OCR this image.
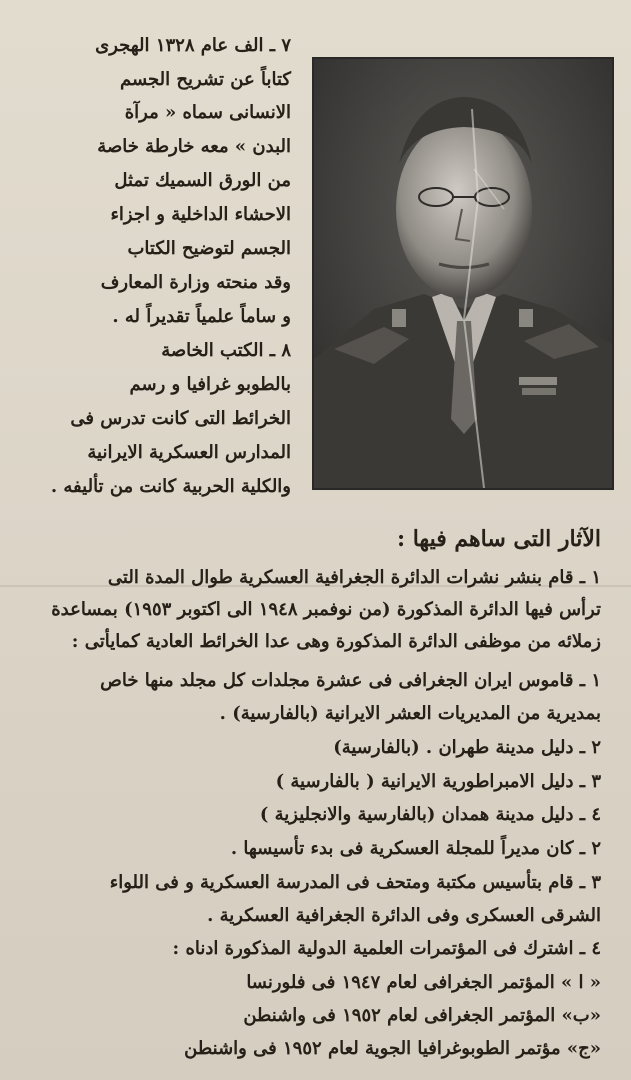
٧ ـ الف عام ١٣٢٨ الهجرى

كتاباً عن تشريح الجسم

الانسانى سماه « مرآة

البدن » معه خارطة خاصة

من الورق السميك تمثل

الاحشاء الداخلية و اجزاء

الجسم لتوضيح الكتاب

وقد منحته وزارة المعارف

و ساماً علمياً تقديراً له .

٨ ـ الكتب الخاصة

بالطوبو غرافيا و رسم

الخرائط التى كانت تدرس فى

المدارس العسكرية الايرانية

والكلية الحربية كانت من تأليفه .

الآثار التى ساهم فيها :

١ ـ قام بنشر نشرات الدائرة الجغرافية العسكرية طوال المدة التى

ترأس فيها الدائرة المذكورة (من نوفمبر ١٩٤٨ الى اكتوبر ١٩٥٣) بمساعدة

زملائه من موظفى الدائرة المذكورة وهى عدا الخرائط العادية كمايأتى :

١ ـ قاموس ايران الجغرافى فى عشرة مجلدات كل مجلد منها خاص

بمديرية من المديريات العشر الايرانية (بالفارسية) .

٢ ـ دليل مدينة طهران . (بالفارسية)

٣ ـ دليل الامبراطورية الايرانية ( بالفارسية )

٤ ـ دليل مدينة همدان (بالفارسية والانجليزية )

٢ ـ كان مديراً للمجلة العسكرية فى بدء تأسيسها .

٣ ـ قام بتأسيس مكتبة ومتحف فى المدرسة العسكرية و فى اللواء

الشرقى العسكرى وفى الدائرة الجغرافية العسكرية .

٤ ـ اشترك فى المؤتمرات العلمية الدولية المذكورة ادناه :

« ا » المؤتمر الجغرافى لعام ١٩٤٧ فى فلورنسا

«ب» المؤتمر الجغرافى لعام ١٩٥٢ فى واشنطن

«ج» مؤتمر الطوبوغرافيا الجوية لعام ١٩٥٢ فى واشنطن
